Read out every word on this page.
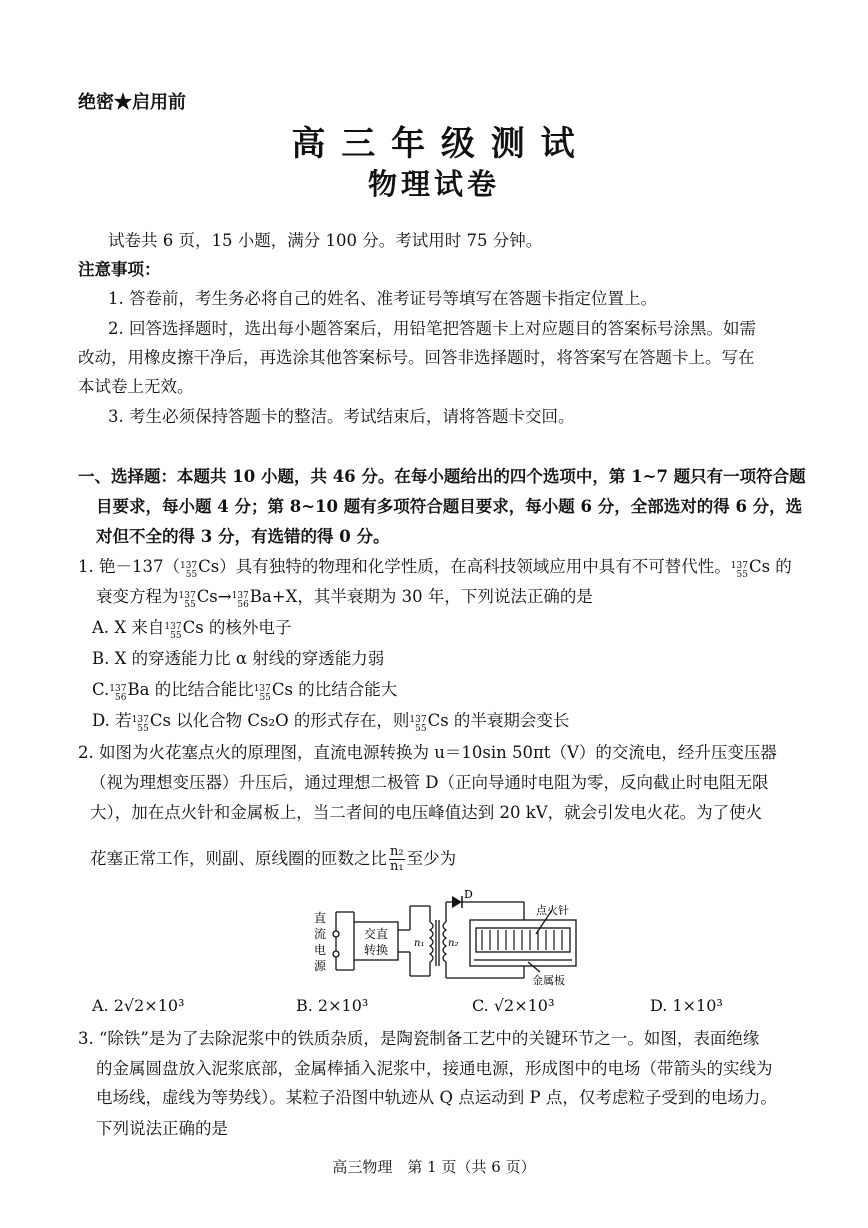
绝密★启用前
高 三 年 级 测 试
物理试卷
试卷共 6 页，15 小题，满分 100 分。考试用时 75 分钟。
注意事项：
1. 答卷前，考生务必将自己的姓名、准考证号等填写在答题卡指定位置上。
2. 回答选择题时，选出每小题答案后，用铅笔把答题卡上对应题目的答案标号涂黑。如需
改动，用橡皮擦干净后，再选涂其他答案标号。回答非选择题时，将答案写在答题卡上。写在
本试卷上无效。
3. 考生必须保持答题卡的整洁。考试结束后，请将答题卡交回。
一、选择题：本题共 10 小题，共 46 分。在每小题给出的四个选项中，第 1~7 题只有一项符合题
目要求，每小题 4 分；第 8~10 题有多项符合题目要求，每小题 6 分，全部选对的得 6 分，选
对但不全的得 3 分，有选错的得 0 分。
1. 铯－137（ 137
55 Cs）具有独特的物理和化学性质，在高科技领域应用中具有不可替代性。 137
55 Cs 的
衰变方程为 137
55 Cs→ 137
56 Ba+X，其半衰期为 30 年，下列说法正确的是
A. X 来自 137
55 Cs 的核外电子
B. X 的穿透能力比 α 射线的穿透能力弱
C. 137
56 Ba 的比结合能比 137
55 Cs 的比结合能大
D. 若 137
55 Cs 以化合物 Cs₂O 的形式存在，则 137
55 Cs 的半衰期会变长
2. 如图为火花塞点火的原理图，直流电源转换为 u＝10sin 50πt（V）的交流电，经升压变压器
（视为理想变压器）升压后，通过理想二极管 D（正向导通时电阻为零，反向截止时电阻无限
大），加在点火针和金属板上，当二者间的电压峰值达到 20 kV，就会引发电火花。为了使火
花塞正常工作，则副、原线圈的匝数之比 $\frac{\text{n₂}}{\text{n₁}}$ 至少为
直
流
电
源
交直
转换	n₁ n₂
D
点火针
金属板
A. 2√2×10³	B. 2×10³	C. √2×10³	D. 1×10³
3. “除铁”是为了去除泥浆中的铁质杂质，是陶瓷制备工艺中的关键环节之一。如图，表面绝缘
的金属圆盘放入泥浆底部，金属棒插入泥浆中，接通电源，形成图中的电场（带箭头的实线为
电场线，虚线为等势线）。某粒子沿图中轨迹从 Q 点运动到 P 点，仅考虑粒子受到的电场力。
下列说法正确的是
高三物理　第 1 页（共 6 页）
